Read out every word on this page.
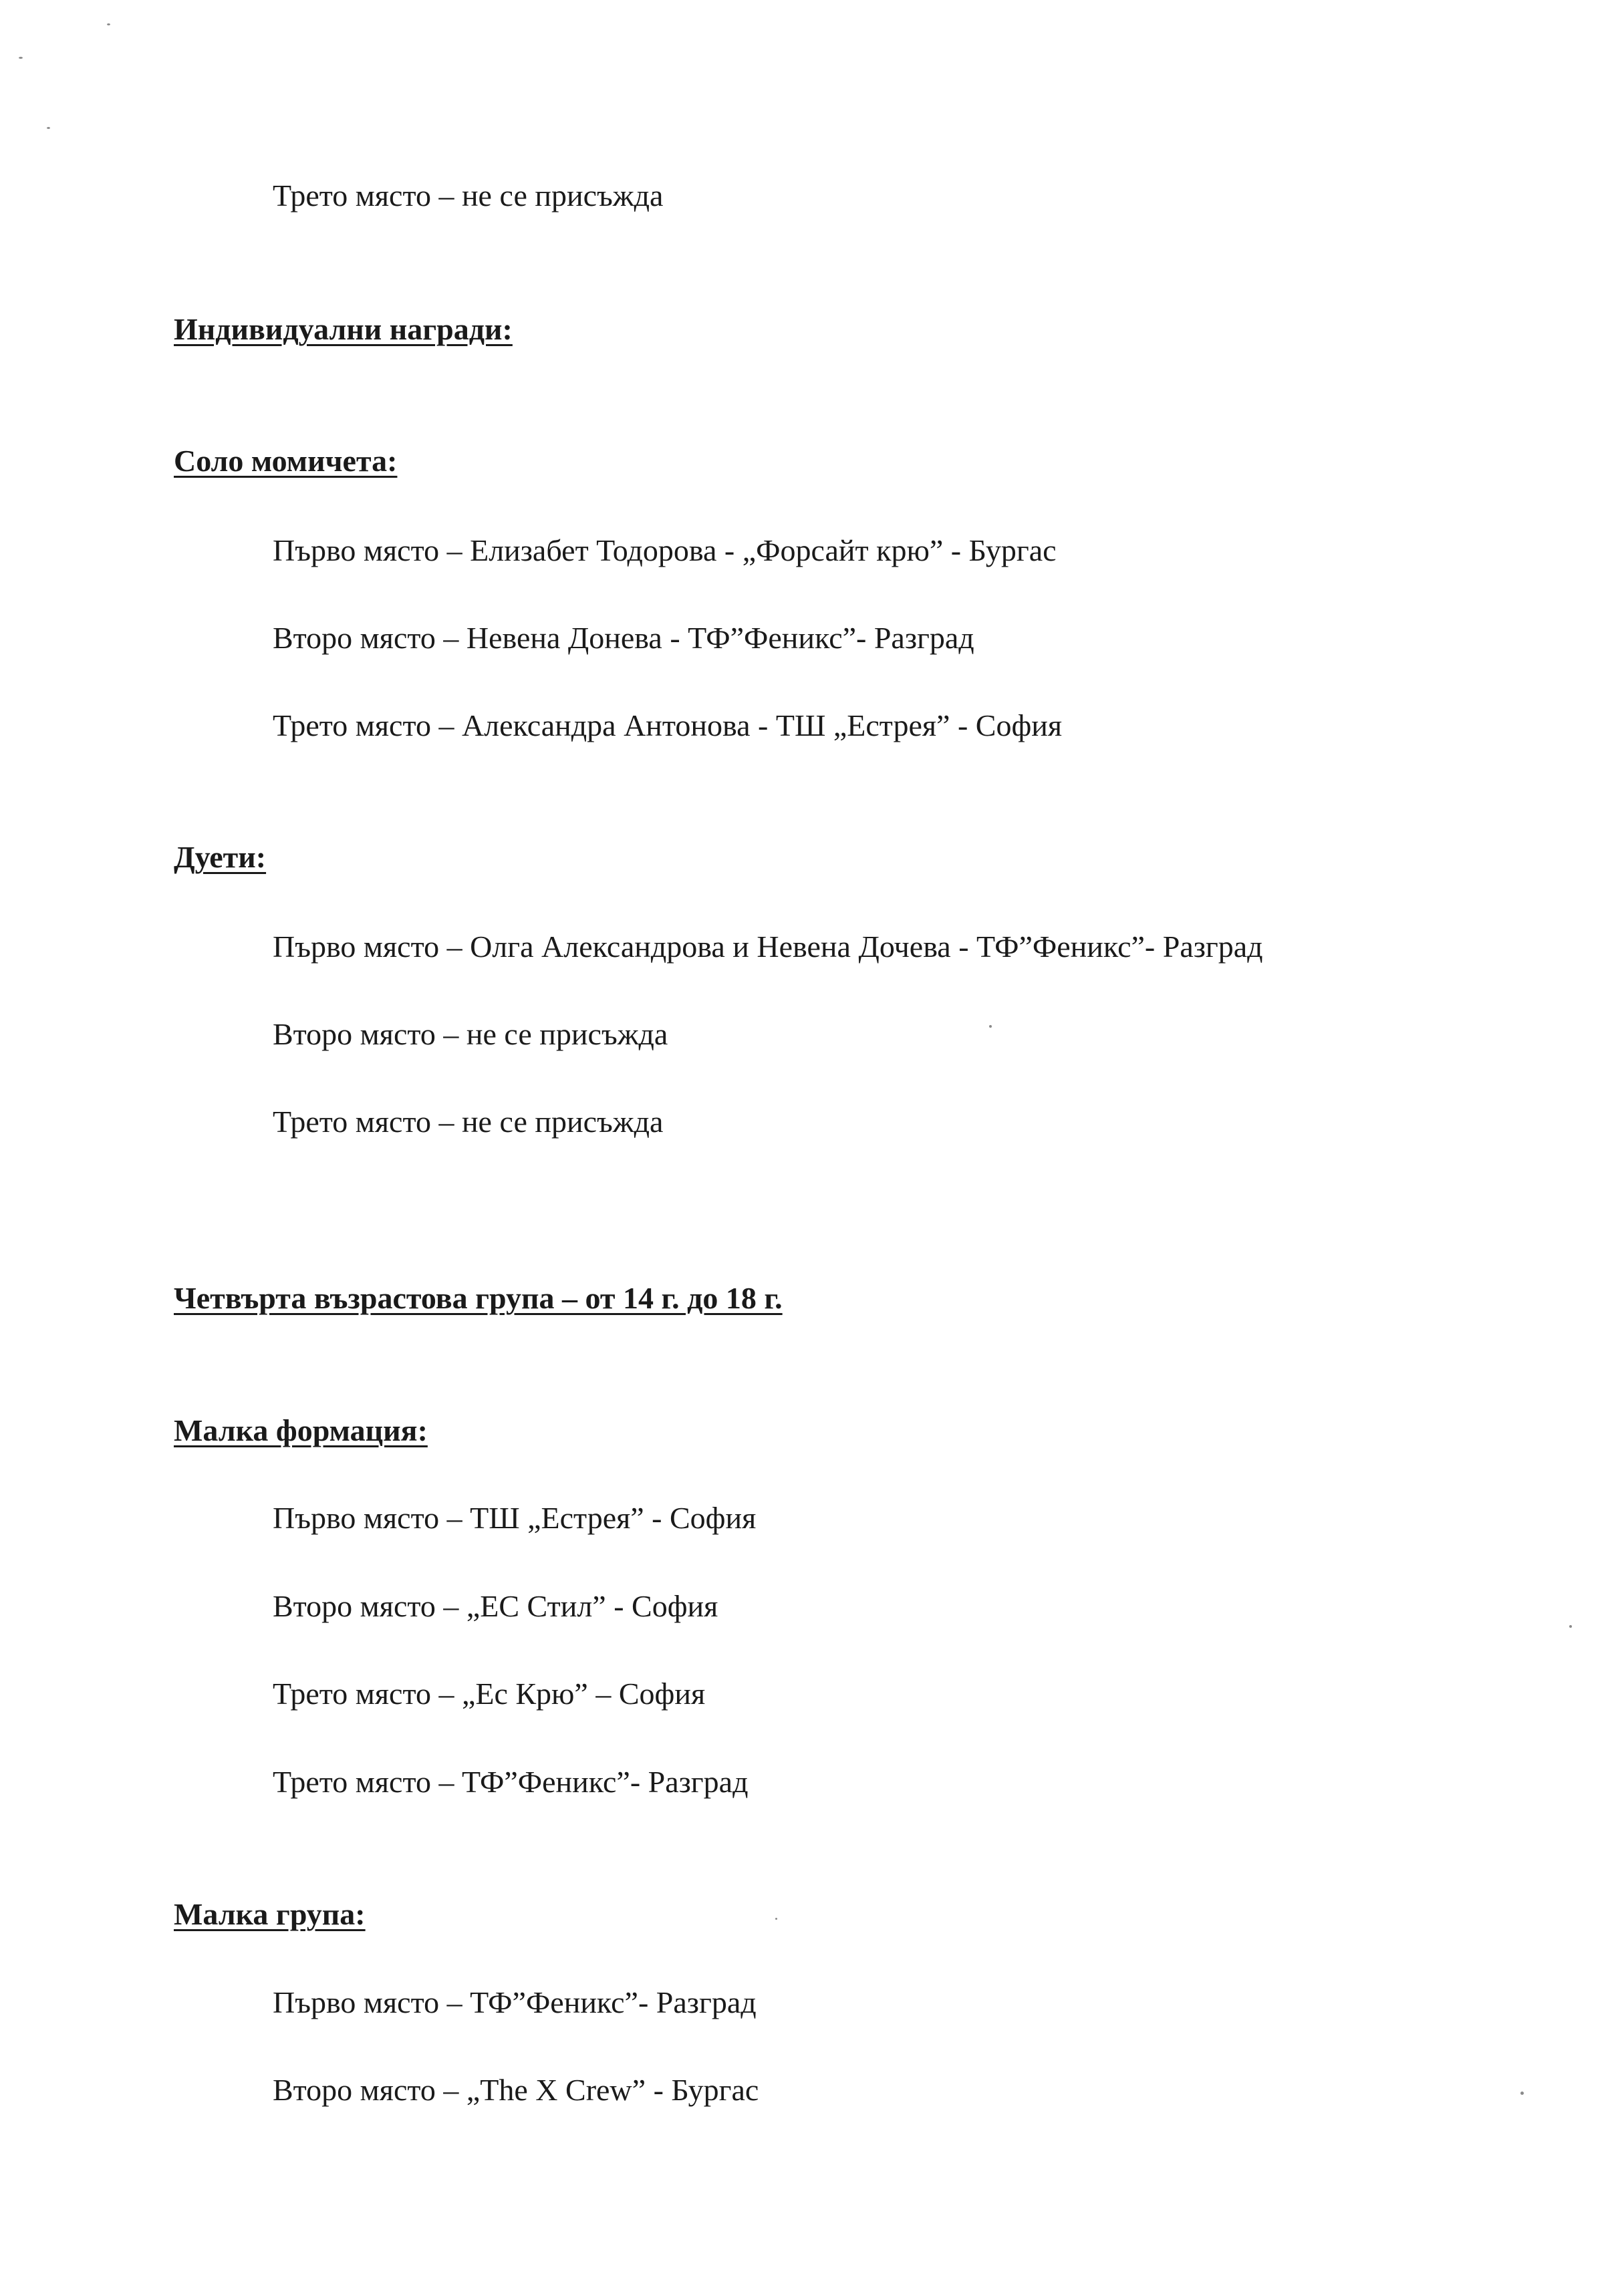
Трето място – не се присъжда
Индивидуални награди:
Соло момичета:
Първо място – Елизабет Тодорова - „Форсайт крю” - Бургас
Второ място – Невена Донева - ТФ”Феникс”- Разград
Трето място – Александра Антонова - ТШ „Естрея” - София
Дуети:
Първо място – Олга Александрова и Невена Дочева - ТФ”Феникс”- Разград
Второ място – не се присъжда
Трето място – не се присъжда
Четвърта възрастова група – от 14 г. до 18 г.
Малка формация:
Първо място – ТШ „Естрея” - София
Второ място – „ЕС Стил” - София
Трето място – „Ес Крю” – София
Трето място – ТФ”Феникс”- Разград
Малка група:
Първо място – ТФ”Феникс”- Разград
Второ място – „The X Crew” - Бургас
